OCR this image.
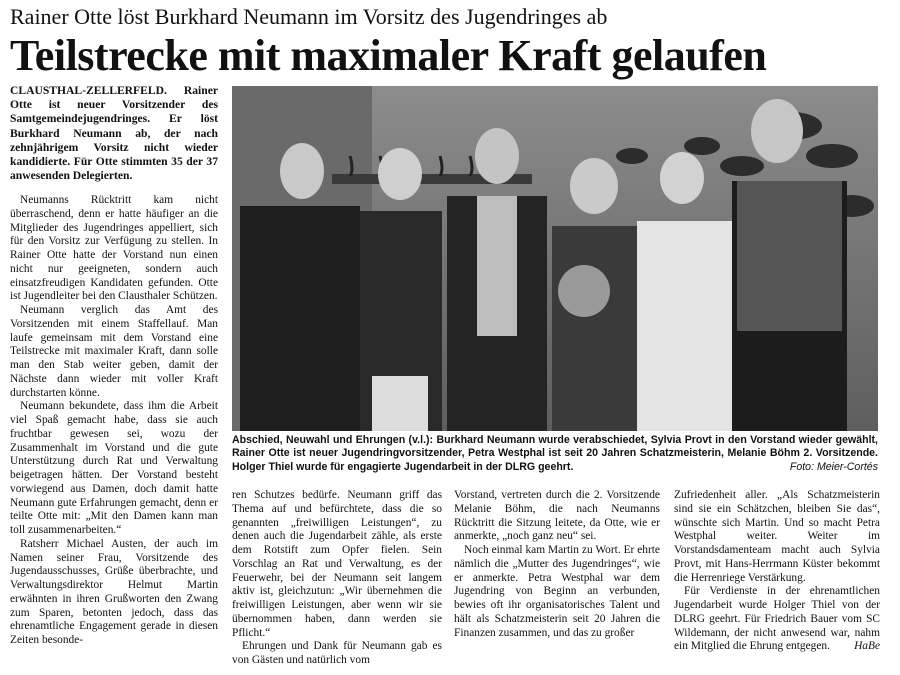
Rainer Otte löst Burkhard Neumann im Vorsitz des Jugendringes ab
Teilstrecke mit maximaler Kraft gelaufen
CLAUSTHAL-ZELLERFELD. Rainer Otte ist neuer Vorsitzender des Samtgemeindejugendringes. Er löst Burkhard Neumann ab, der nach zehnjährigem Vorsitz nicht wieder kandidierte. Für Otte stimmten 35 der 37 anwesenden Delegierten.

Neumanns Rücktritt kam nicht überraschend, denn er hatte häufiger an die Mitglieder des Jugendringes appelliert, sich für den Vorsitz zur Verfügung zu stellen. In Rainer Otte hatte der Vorstand nun einen nicht nur geeigneten, sondern auch einsatzfreudigen Kandidaten gefunden. Otte ist Jugendleiter bei den Clausthaler Schützen.

Neumann verglich das Amt des Vorsitzenden mit einem Staffellauf. Man laufe gemeinsam mit dem Vorstand eine Teilstrecke mit maximaler Kraft, dann solle man den Stab weiter geben, damit der Nächste dann wieder mit voller Kraft durchstarten könne.

Neumann bekundete, dass ihm die Arbeit viel Spaß gemacht habe, dass sie auch fruchtbar gewesen sei, wozu der Zusammenhalt im Vorstand und die gute Unterstützung durch Rat und Verwaltung beigetragen hätten. Der Vorstand besteht vorwiegend aus Damen, doch damit hatte Neumann gute Erfahrungen gemacht, denn er teilte Otte mit: „Mit den Damen kann man toll zusammenarbeiten.“

Ratsherr Michael Austen, der auch im Namen seiner Frau, Vorsitzende des Jugendausschusses, Grüße überbrachte, und Verwaltungsdirektor Helmut Martin erwähnten in ihren Grußworten den Zwang zum Sparen, betonten jedoch, dass das ehrenamtliche Engagement gerade in diesen Zeiten besonde-

Abschied, Neuwahl und Ehrungen (v.l.): Burkhard Neumann wurde verabschiedet, Sylvia Provt in den Vorstand wieder gewählt, Rainer Otte ist neuer Jugendringvorsitzender, Petra Westphal ist seit 20 Jahren Schatzmeisterin, Melanie Böhm 2. Vorsitzende. Holger Thiel wurde für engagierte Jugendarbeit in der DLRG geehrt.	Foto: Meier-Cortés

ren Schutzes bedürfe. Neumann griff das Thema auf und befürchtete, dass die so genannten „freiwilligen Leistungen“, zu denen auch die Jugendarbeit zähle, als erste dem Rotstift zum Opfer fielen. Sein Vorschlag an Rat und Verwaltung, es der Feuerwehr, bei der Neumann seit langem aktiv ist, gleichzutun: „Wir übernehmen die freiwilligen Leistungen, aber wenn wir sie übernommen haben, dann werden sie Pflicht.“

Ehrungen und Dank für Neumann gab es von Gästen und natürlich vom

Vorstand, vertreten durch die 2. Vorsitzende Melanie Böhm, die nach Neumanns Rücktritt die Sitzung leitete, da Otte, wie er anmerkte, „noch ganz neu“ sei.

Noch einmal kam Martin zu Wort. Er ehrte nämlich die „Mutter des Jugendringes“, wie er anmerkte. Petra Westphal war dem Jugendring von Beginn an verbunden, bewies oft ihr organisatorisches Talent und hält als Schatzmeisterin seit 20 Jahren die Finanzen zusammen, und das zu großer

Zufriedenheit aller. „Als Schatzmeisterin sind sie ein Schätzchen, bleiben Sie das“, wünschte sich Martin. Und so macht Petra Westphal weiter. Weiter im Vorstandsdamenteam macht auch Sylvia Provt, mit Hans-Herrmann Küster bekommt die Herrenriege Verstärkung.

Für Verdienste in der ehrenamtlichen Jugendarbeit wurde Holger Thiel von der DLRG geehrt. Für Friedrich Bauer vom SC Wildemann, der nicht anwesend war, nahm ein Mitglied die Ehrung entgegen.	HaBe
